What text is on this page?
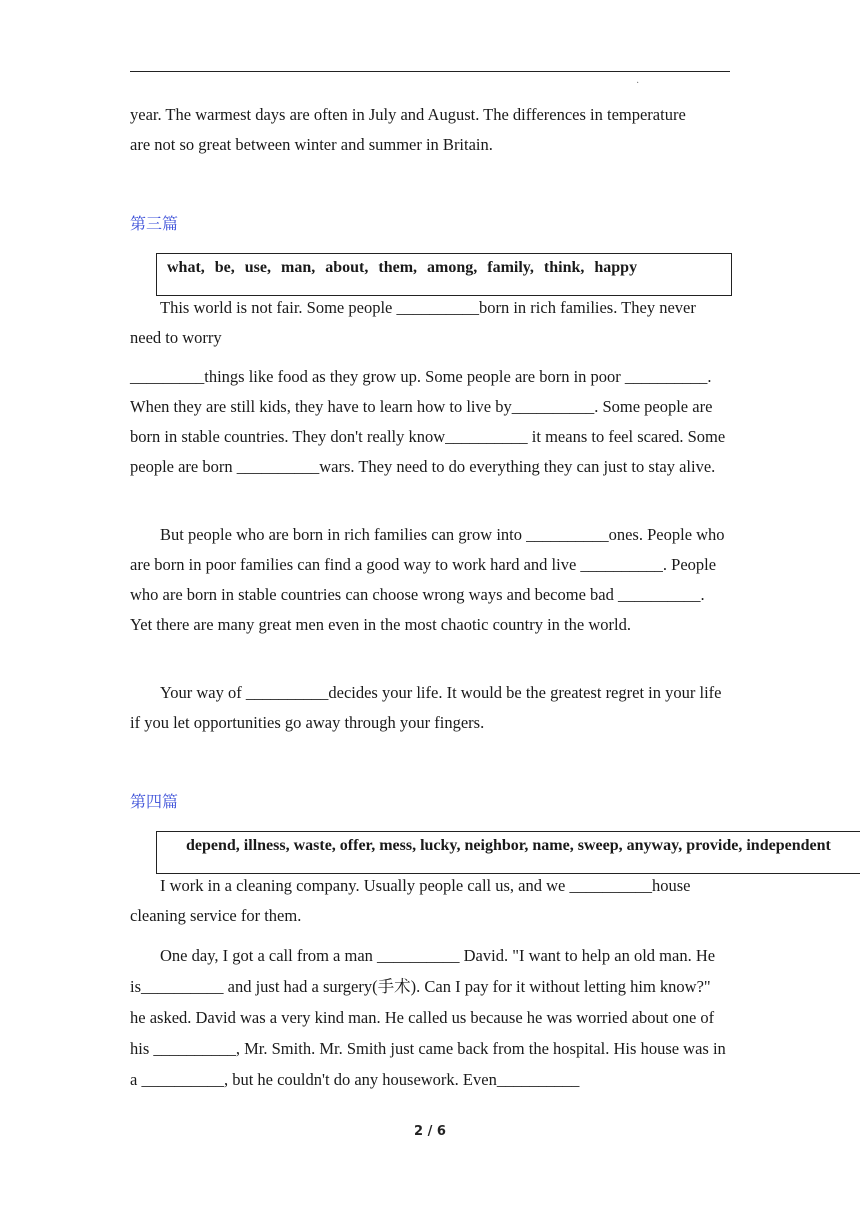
·
year. The warmest days are often in July and August. The differences in temperature
are not so great between winter and summer in Britain.
第三篇
what, be, use, man, about, them, among, family, think, happy

This world is not fair. Some people __________born in rich families. They never need to worry

_________things like food as they grow up. Some people are born in poor __________. When they are still kids, they have to learn how to live by__________. Some people are born in stable countries. They don't really know__________ it means to feel scared. Some people are born __________wars. They need to do everything they can just to stay alive.

But people who are born in rich families can grow into __________ones. People who are born in poor families can find a good way to work hard and live __________. People who are born in stable countries can choose wrong ways and become bad __________. Yet there are many great men even in the most chaotic country in the world.

Your way of __________decides your life. It would be the greatest regret in your life if you let opportunities go away through your fingers.

第四篇
depend, illness, waste, offer, mess, lucky, neighbor, name, sweep, anyway, provide, independent

I work in a cleaning company. Usually people call us, and we __________house cleaning service for them.

One day, I got a call from a man __________ David. "I want to help an old man. He is__________ and just had a surgery(手术). Can I pay for it without letting him know?" he asked. David was a very kind man. He called us because he was worried about one of his __________, Mr. Smith. Mr. Smith just came back from the hospital. His house was in a __________, but he couldn't do any housework. Even__________

2 / 6
